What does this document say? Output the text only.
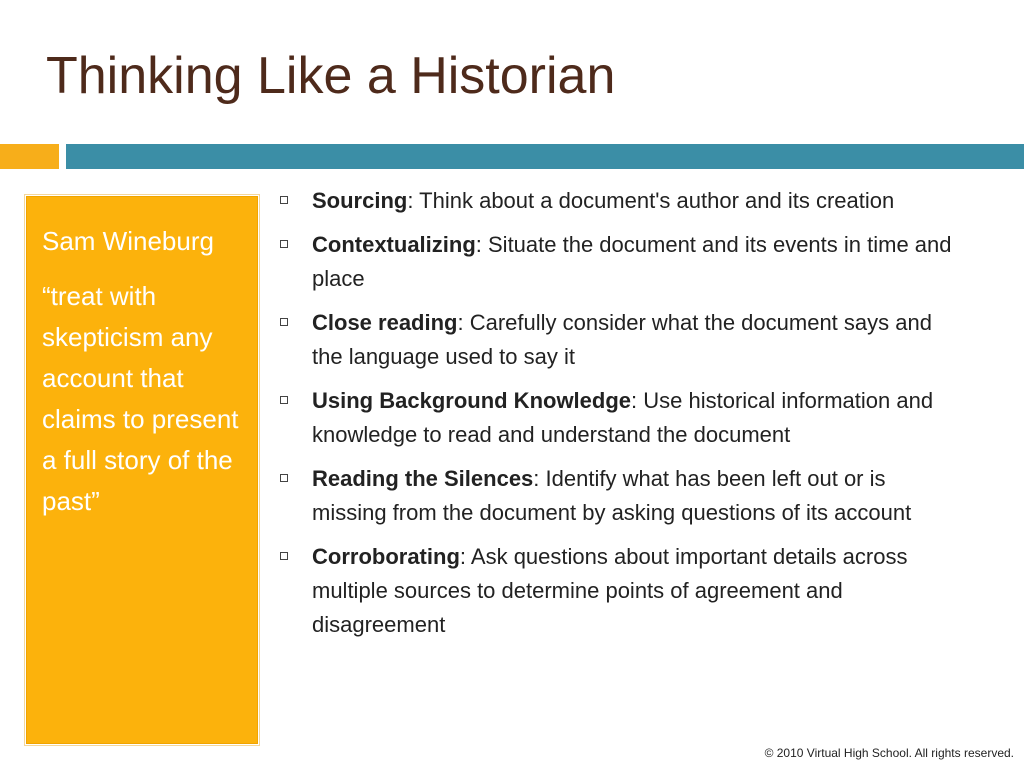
Thinking Like a Historian

Sam Wineburg

“treat with skepticism any account that claims to present a full story of the past”

Sourcing: Think about a document's author and its creation
Contextualizing: Situate the document and its events in time and place
Close reading: Carefully consider what the document says and the language used to say it
Using Background Knowledge: Use historical information and knowledge to read and understand the document
Reading the Silences: Identify what has been left out or is missing from the document by asking questions of its account
Corroborating: Ask questions about important details across multiple sources to determine points of agreement and disagreement
© 2010 Virtual High School. All rights reserved.
